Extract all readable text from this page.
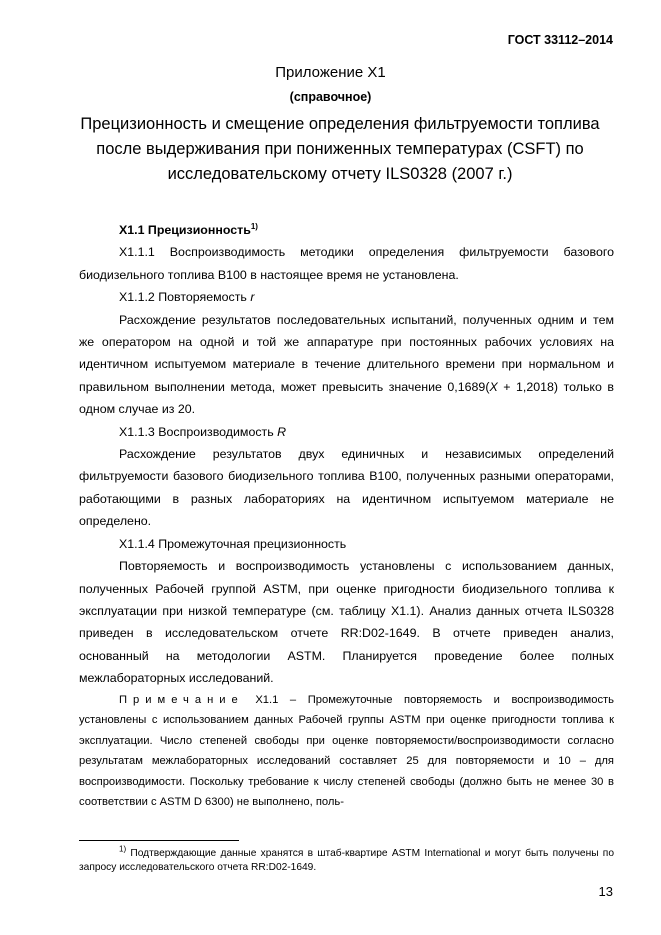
ГОСТ 33112–2014
Приложение Х1
(справочное)
Прецизионность и смещение определения фильтруемости топлива после выдерживания при пониженных температурах (CSFT) по исследовательскому отчету ILS0328 (2007 г.)

Х1.1 Прецизионность$^{1)}$

Х1.1.1 Воспроизводимость методики определения фильтруемости базового биодизельного топлива В100 в настоящее время не установлена.

Х1.1.2 Повторяемость r

Расхождение результатов последовательных испытаний, полученных одним и тем же оператором на одной и той же аппаратуре при постоянных рабочих условиях на идентичном испытуемом материале в течение длительного времени при нормальном и правильном выполнении метода, может превысить значение 0,1689(X + 1,2018) только в одном случае из 20.

Х1.1.3 Воспроизводимость R

Расхождение результатов двух единичных и независимых определений фильтруемости базового биодизельного топлива В100, полученных разными операторами, работающими в разных лабораториях на идентичном испытуемом материале не определено.

Х1.1.4 Промежуточная прецизионность

Повторяемость и воспроизводимость установлены с использованием данных, полученных Рабочей группой ASTM, при оценке пригодности биодизельного топлива к эксплуатации при низкой температуре (см. таблицу Х1.1). Анализ данных отчета ILS0328 приведен в исследовательском отчете RR:D02-1649. В отчете приведен анализ, основанный на методологии ASTM. Планируется проведение более полных межлабораторных исследований.

Примечание Х1.1 – Промежуточные повторяемость и воспроизводимость установлены с использованием данных Рабочей группы ASTM при оценке пригодности топлива к эксплуатации. Число степеней свободы при оценке повторяемости/воспроизводимости согласно результатам межлабораторных исследований составляет 25 для повторяемости и 10 – для воспроизводимости. Поскольку требование к числу степеней свободы (должно быть не менее 30 в соответствии с ASTM D 6300) не выполнено, поль-

$^{1)}$ Подтверждающие данные хранятся в штаб-квартире ASTM International и могут быть получены по запросу исследовательского отчета RR:D02-1649.
13
